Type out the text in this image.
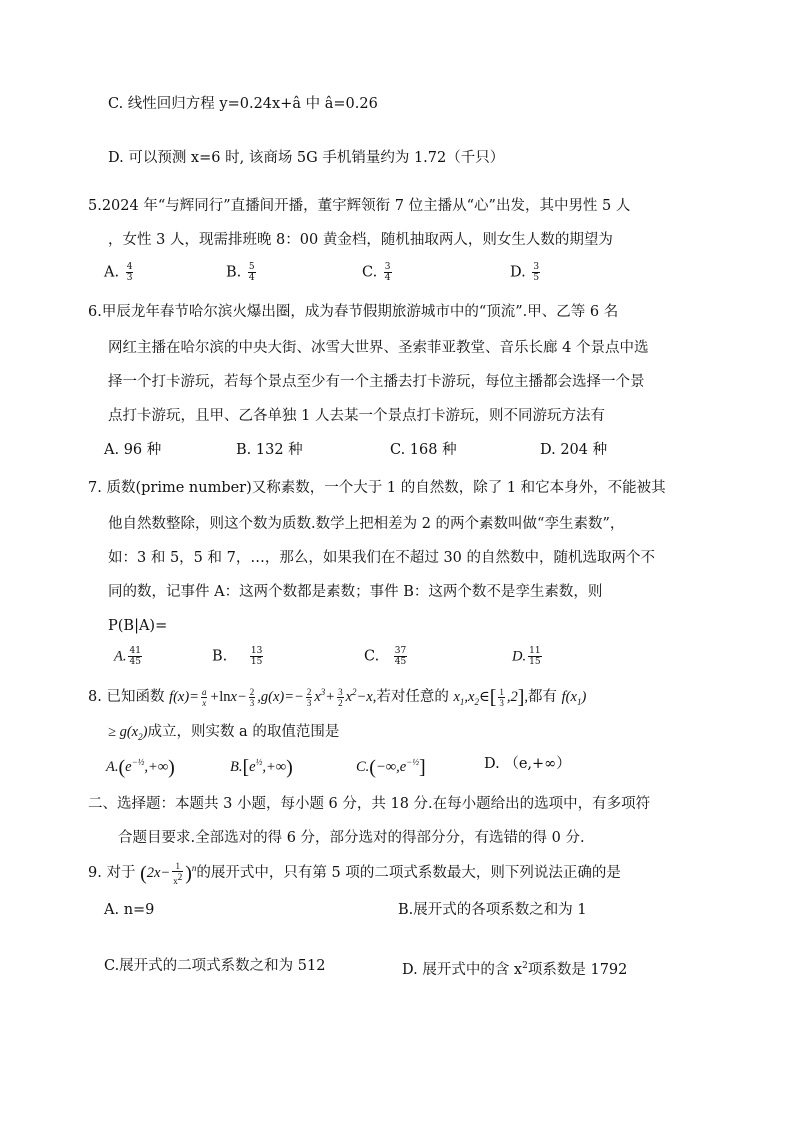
C. 线性回归方程 y=0.24x+â 中 â=0.26
D. 可以预测 x=6 时, 该商场 5G 手机销量约为 1.72（千只）
5.2024 年“与辉同行”直播间开播，董宇辉领衔 7 位主播从“心”出发，其中男性 5 人
，女性 3 人，现需排班晚 8：00 黄金档，随机抽取两人，则女生人数的期望为
A. $\frac{4}{3}$	B. $\frac{5}{4}$	C. $\frac{3}{4}$	D. $\frac{3}{5}$
6.甲辰龙年春节哈尔滨火爆出圈，成为春节假期旅游城市中的“顶流”.甲、乙等 6 名
网红主播在哈尔滨的中央大街、冰雪大世界、圣索菲亚教堂、音乐长廊 4 个景点中选
择一个打卡游玩，若每个景点至少有一个主播去打卡游玩，每位主播都会选择一个景
点打卡游玩，且甲、乙各单独 1 人去某一个景点打卡游玩，则不同游玩方法有
A. 96 种	B. 132 种	C. 168 种	D. 204 种
7. 质数(prime number)又称素数，一个大于 1 的自然数，除了 1 和它本身外，不能被其
他自然数整除，则这个数为质数.数学上把相差为 2 的两个素数叫做“孪生素数”，
如：3 和 5，5 和 7，…，那么，如果我们在不超过 30 的自然数中，随机选取两个不
同的数，记事件 A：这两个数都是素数；事件 B：这两个数不是孪生素数，则
P(B|A)=
A. $\frac{41}{45}$	B.	$\frac{13}{15}$	C. $\frac{37}{45}$	D. $\frac{11}{15}$
8. 已知函数 $f(x)= \frac{a}{x} +\ln x- \frac{2}{3} ,g(x)=- \frac{2}{3} x^3+ \frac{3}{2} x^2-x$,若对任意的 $x_1,x_2\in[ \frac{1}{3} ,2]$,都有 $f(x_1)$
≥ $g(x_2)$成立，则实数 a 的取值范围是
$A.(e^{-\frac{1}{2}},+\infty)$	$B.[e^{\frac{1}{2}},+\infty)$	$C.(-\infty,e^{-\frac{1}{2}}]$	D. （e,+∞）
二、选择题：本题共 3 小题，每小题 6 分，共 18 分.在每小题给出的选项中，有多项符
合题目要求.全部选对的得 6 分，部分选对的得部分分，有选错的得 0 分.
9. 对于 $(2x- \frac{1}{x2} )^n$的展开式中，只有第 5 项的二项式系数最大，则下列说法正确的是
A. n=9	B.展开式的各项系数之和为 1
C.展开式的二项式系数之和为 512	D. 展开式中的含 $x^2$项系数是 1792
